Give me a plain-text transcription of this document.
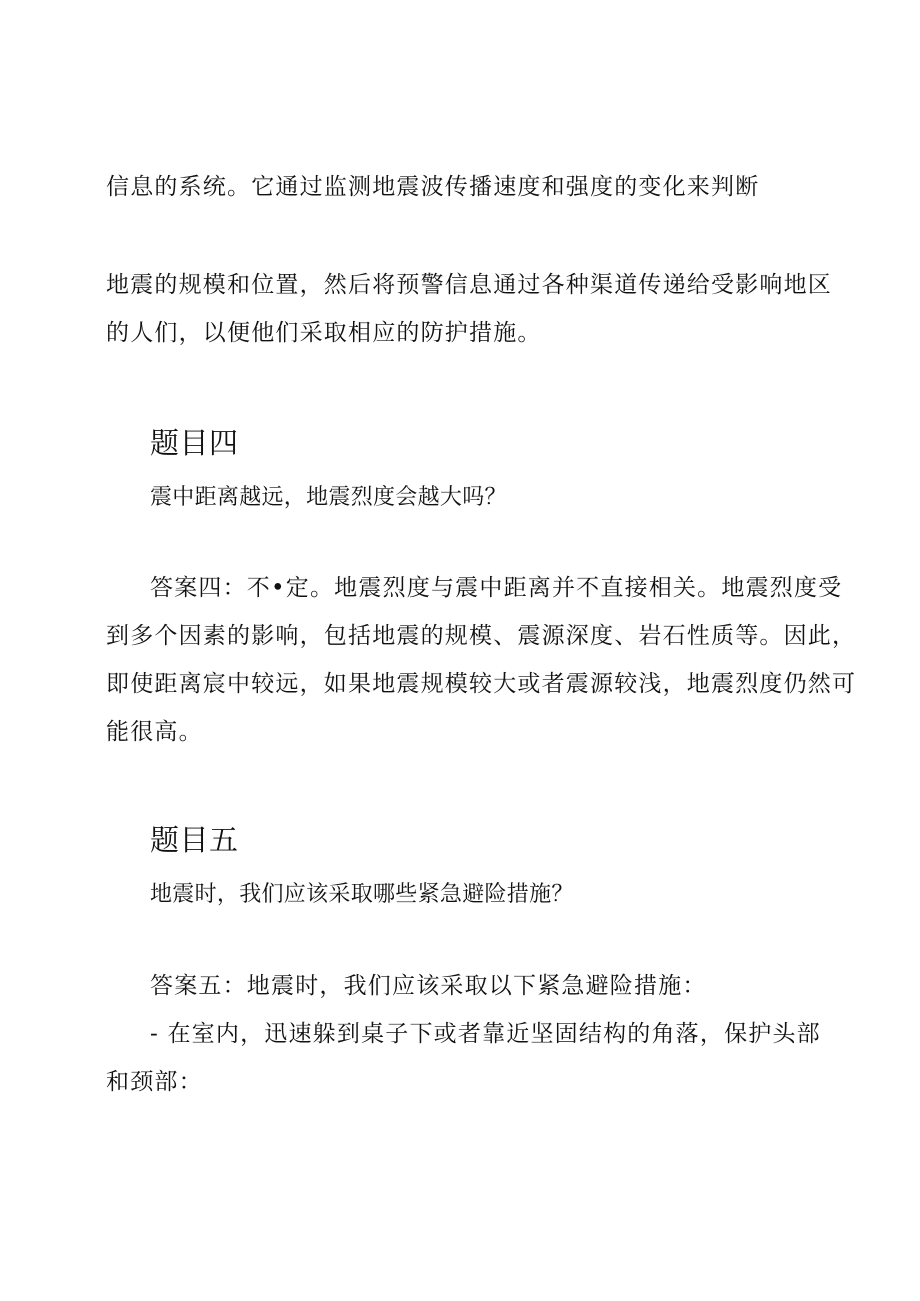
信息的系统。它通过监测地震波传播速度和强度的变化来判断
地震的规模和位置，然后将预警信息通过各种渠道传递给受影响地区
的人们，以便他们采取相应的防护措施。
题目四
震中距离越远，地震烈度会越大吗？
答案四：不•定。地震烈度与震中距离并不直接相关。地震烈度受
到多个因素的影响，包括地震的规模、震源深度、岩石性质等。因此，
即使距离宸中较远，如果地震规模较大或者震源较浅，地震烈度仍然可
能很高。
题目五
地震时，我们应该采取哪些紧急避险措施？
答案五：地震时，我们应该采取以下紧急避险措施：
- 在室内，迅速躲到桌子下或者靠近坚固结构的角落，保护头部
和颈部：
